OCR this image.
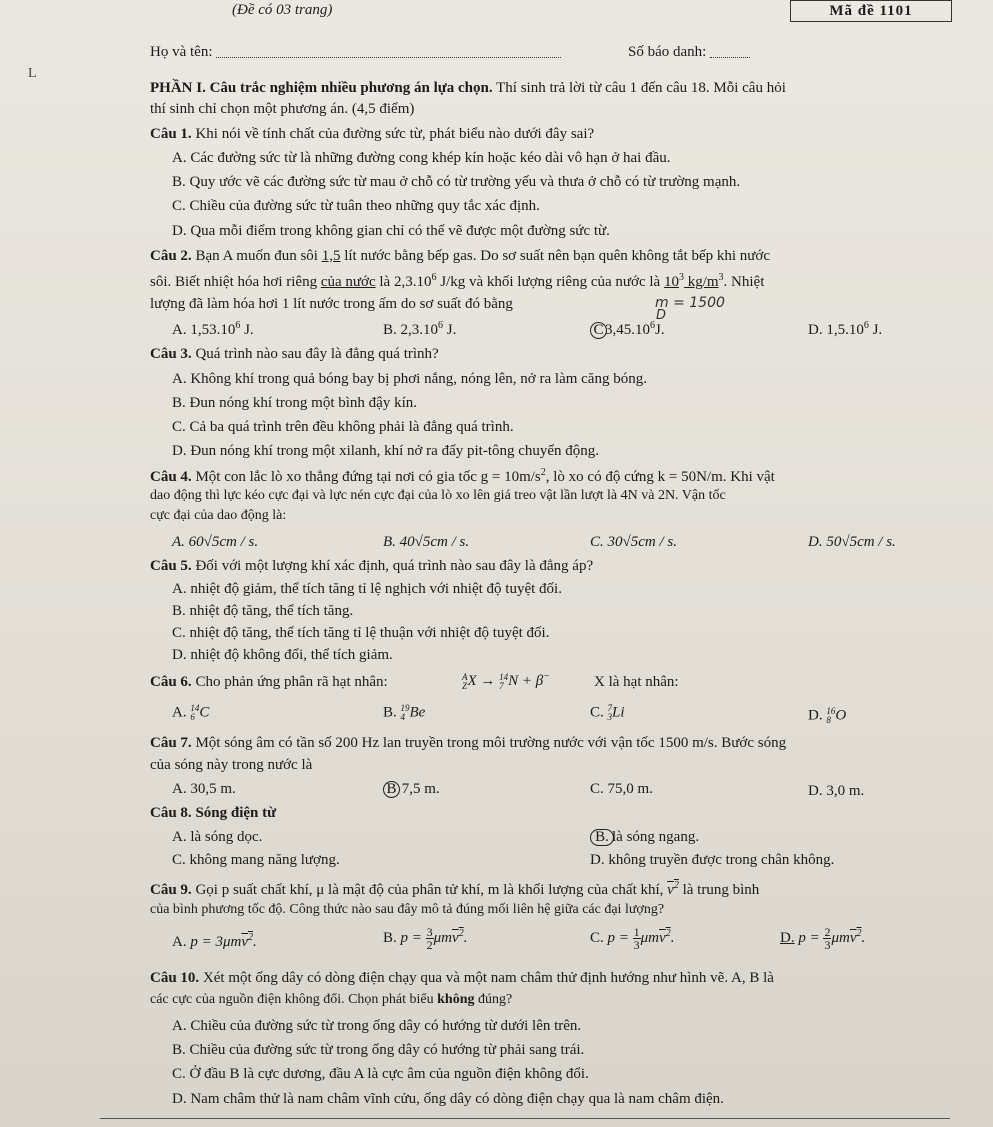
(Đề có 03 trang)	Mã đề 1101
Họ và tên:	Số báo danh:
L
PHẦN I. Câu trắc nghiệm nhiều phương án lựa chọn. Thí sinh trả lời từ câu 1 đến câu 18. Mỗi câu hỏi
thí sinh chỉ chọn một phương án. (4,5 điểm)
Câu 1. Khi nói về tính chất của đường sức từ, phát biểu nào dưới đây sai?
A. Các đường sức từ là những đường cong khép kín hoặc kéo dài vô hạn ở hai đầu.
B. Quy ước vẽ các đường sức từ mau ở chỗ có từ trường yếu và thưa ở chỗ có từ trường mạnh.
C. Chiều của đường sức từ tuân theo những quy tắc xác định.
D. Qua mỗi điểm trong không gian chỉ có thể vẽ được một đường sức từ.
Câu 2. Bạn A muốn đun sôi 1,5 lít nước bằng bếp gas. Do sơ suất nên bạn quên không tắt bếp khi nước
sôi. Biết nhiệt hóa hơi riêng của nước là 2,3.10$^6$ J/kg và khối lượng riêng của nước là $10^3$ $kg/m^3$. Nhiệt
lượng đã làm hóa hơi 1 lít nước trong ấm do sơ suất đó bằng	m = 1500
D
A. 1,53.10$^6$ J.	B. 2,3.10$^6$ J.	C 3,45.10$^6$J.	D. 1,5.10$^6$ J.
Câu 3. Quá trình nào sau đây là đẳng quá trình?
A. Không khí trong quả bóng bay bị phơi nắng, nóng lên, nở ra làm căng bóng.
B. Đun nóng khí trong một bình đậy kín.
C. Cả ba quá trình trên đều không phải là đẳng quá trình.
D. Đun nóng khí trong một xilanh, khí nở ra đẩy pit-tông chuyển động.
Câu 4. Một con lắc lò xo thẳng đứng tại nơi có gia tốc $g = 10m/s^2$, lò xo có độ cứng k = 50N/m. Khi vật
dao động thì lực kéo cực đại và lực nén cực đại của lò xo lên giá treo vật lần lượt là 4N và 2N. Vận tốc
cực đại của dao động là:
A. 60√5cm / s.	B. 40√5cm / s.	C. 30√5cm / s.	D. 50√5cm / s.
Câu 5. Đối với một lượng khí xác định, quá trình nào sau đây là đẳng áp?
A. nhiệt độ giảm, thể tích tăng tỉ lệ nghịch với nhiệt độ tuyệt đối.
B. nhiệt độ tăng, thể tích tăng.
C. nhiệt độ tăng, thể tích tăng tỉ lệ thuận với nhiệt độ tuyệt đối.
D. nhiệt độ không đổi, thể tích giảm.
Câu 6. Cho phản ứng phân rã hạt nhân:	A
Z X → 14
7 N + β−	X là hạt nhân:
A. 14
6 C	B. 19
4 Be	C. 7
3 Li	D. 16
8 O
Câu 7. Một sóng âm có tần số 200 Hz lan truyền trong môi trường nước với vận tốc 1500 m/s. Bước sóng
của sóng này trong nước là
A. 30,5 m.	B 7,5 m.	C. 75,0 m.	D. 3,0 m.
Câu 8. Sóng điện từ
A. là sóng dọc.	B. là sóng ngang.
C. không mang năng lượng.	D. không truyền được trong chân không.
Câu 9. Gọi p suất chất khí, μ là mật độ của phân tử khí, m là khối lượng của chất khí, $v^2$ là trung bình
của bình phương tốc độ. Công thức nào sau đây mô tả đúng mối liên hệ giữa các đại lượng?
A. p = 3μmv$^2$.	B. $p = \frac{3}{2} \mu mv^2$.	C. $p = \frac{1}{3} \mu mv^2$.	D. $p = \frac{2}{3} \mu mv^2$.
Câu 10. Xét một ống dây có dòng điện chạy qua và một nam châm thử định hướng như hình vẽ. A, B là
các cực của nguồn điện không đổi. Chọn phát biểu không đúng?
A. Chiều của đường sức từ trong ống dây có hướng từ dưới lên trên.
B. Chiều của đường sức từ trong ống dây có hướng từ phải sang trái.
C. Ở đầu B là cực dương, đầu A là cực âm của nguồn điện không đổi.
D. Nam châm thử là nam châm vĩnh cửu, ống dây có dòng điện chạy qua là nam châm điện.
